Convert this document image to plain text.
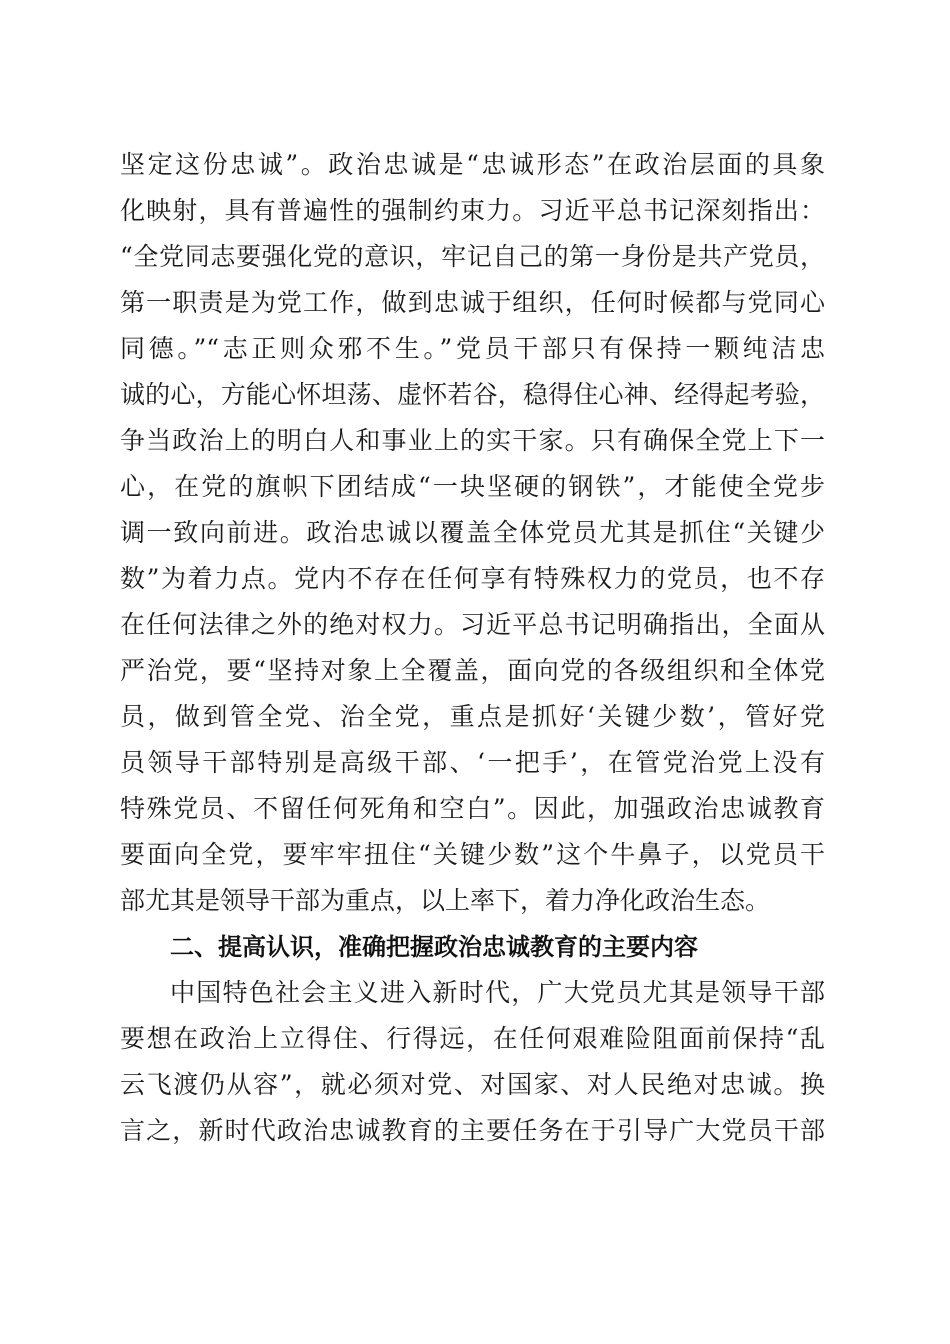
坚定这份忠诚”。政治忠诚是“忠诚形态”在政治层面的具象
化映射，具有普遍性的强制约束力。习近平总书记深刻指出：
“全党同志要强化党的意识，牢记自己的第一身份是共产党员，
第一职责是为党工作，做到忠诚于组织，任何时候都与党同心
同德。”“志正则众邪不生。”党员干部只有保持一颗纯洁忠
诚的心，方能心怀坦荡、虚怀若谷，稳得住心神、经得起考验，
争当政治上的明白人和事业上的实干家。只有确保全党上下一
心，在党的旗帜下团结成“一块坚硬的钢铁”，才能使全党步
调一致向前进。政治忠诚以覆盖全体党员尤其是抓住“关键少
数”为着力点。党内不存在任何享有特殊权力的党员，也不存
在任何法律之外的绝对权力。习近平总书记明确指出，全面从
严治党，要“坚持对象上全覆盖，面向党的各级组织和全体党
员，做到管全党、治全党，重点是抓好‘关键少数’，管好党
员领导干部特别是高级干部、‘一把手’，在管党治党上没有
特殊党员、不留任何死角和空白”。因此，加强政治忠诚教育
要面向全党，要牢牢扭住“关键少数”这个牛鼻子，以党员干
部尤其是领导干部为重点，以上率下，着力净化政治生态。
二、提高认识，准确把握政治忠诚教育的主要内容
中国特色社会主义进入新时代，广大党员尤其是领导干部
要想在政治上立得住、行得远，在任何艰难险阻面前保持“乱
云飞渡仍从容”，就必须对党、对国家、对人民绝对忠诚。换
言之，新时代政治忠诚教育的主要任务在于引导广大党员干部
